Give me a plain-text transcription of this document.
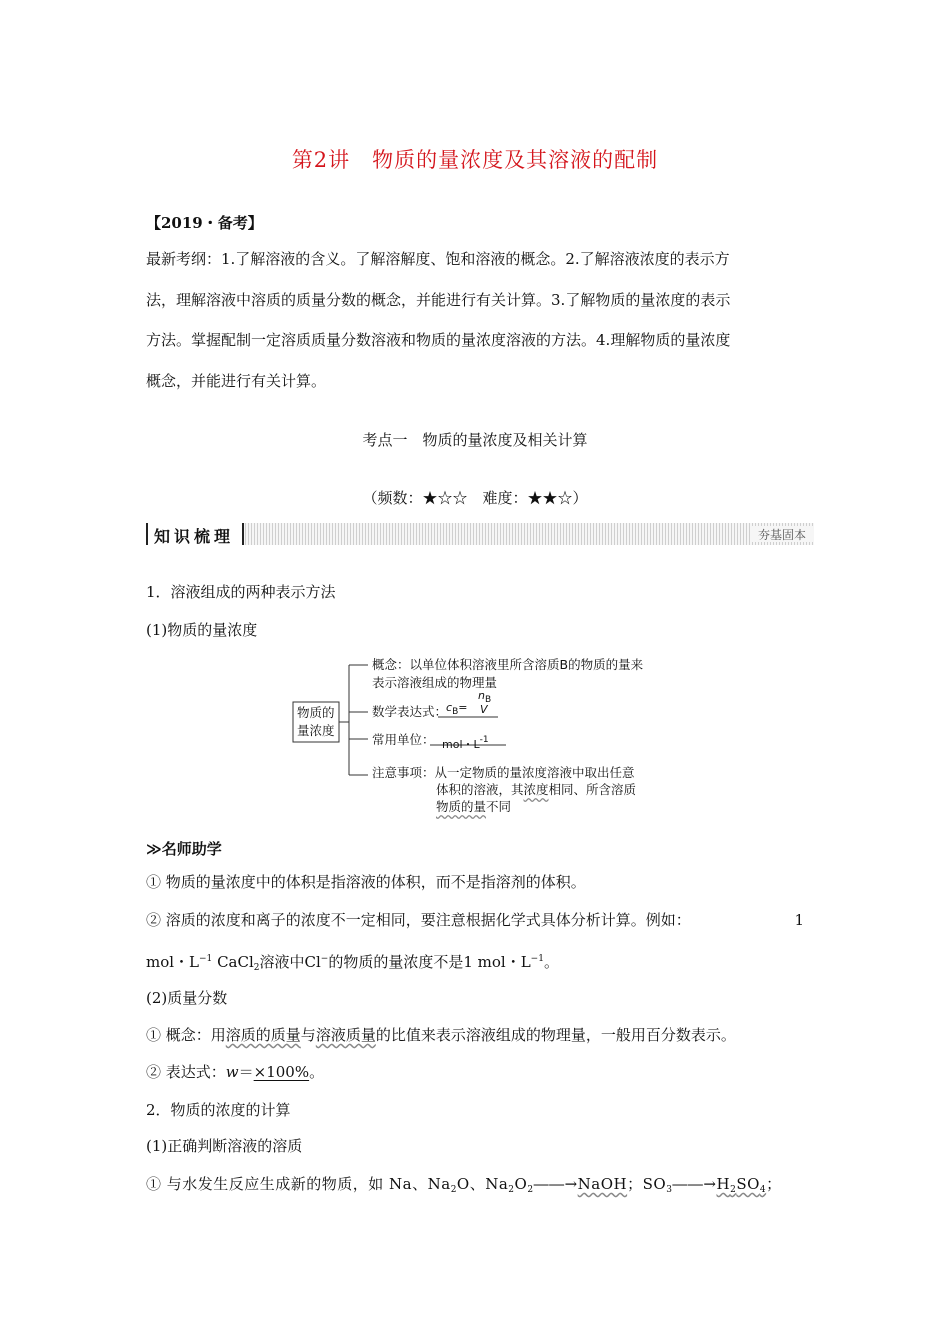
第2讲　物质的量浓度及其溶液的配制
【2019・备考】
最新考纲：1.了解溶液的含义。了解溶解度、饱和溶液的概念。2.了解溶液浓度的表示方
法，理解溶液中溶质的质量分数的概念，并能进行有关计算。3.了解物质的量浓度的表示
方法。掌握配制一定溶质质量分数溶液和物质的量浓度溶液的方法。4.理解物质的量浓度
概念，并能进行有关计算。
考点一　物质的量浓度及相关计算
（频数：★☆☆　难度：★★☆）
知识梳理	夯基固本
1．溶液组成的两种表示方法
(1)物质的量浓度
物质的
量浓度
概念：以单位体积溶液里所含溶质B的物质的量来
表示溶液组成的物理量
数学表达式：
$c_B=$
$n_B$
V
常用单位： mol・$L^{-1}$
注意事项：从一定物质的量浓度溶液中取出任意
体积的溶液，其浓度相同、所含溶质
物质的量不同
≫名师助学
① 物质的量浓度中的体积是指溶液的体积，而不是指溶剂的体积。
② 溶质的浓度和离子的浓度不一定相同，要注意根据化学式具体分析计算。例如：	1
mol・$L^{-1}$ CaCl$_2$溶液中Cl−的物质的量浓度不是1 mol・$L^{-1}$。
(2)质量分数
① 概念：用溶质的质量与溶液质量的比值来表示溶液组成的物理量，一般用百分数表示。
② 表达式：w＝×100%。
2．物质的浓度的计算
(1)正确判断溶液的溶质
① 与水发生反应生成新的物质，如 Na、$Na_2O$、$Na_2O_2――\to NaOH$；$SO_3――\to H_2SO_4$；
